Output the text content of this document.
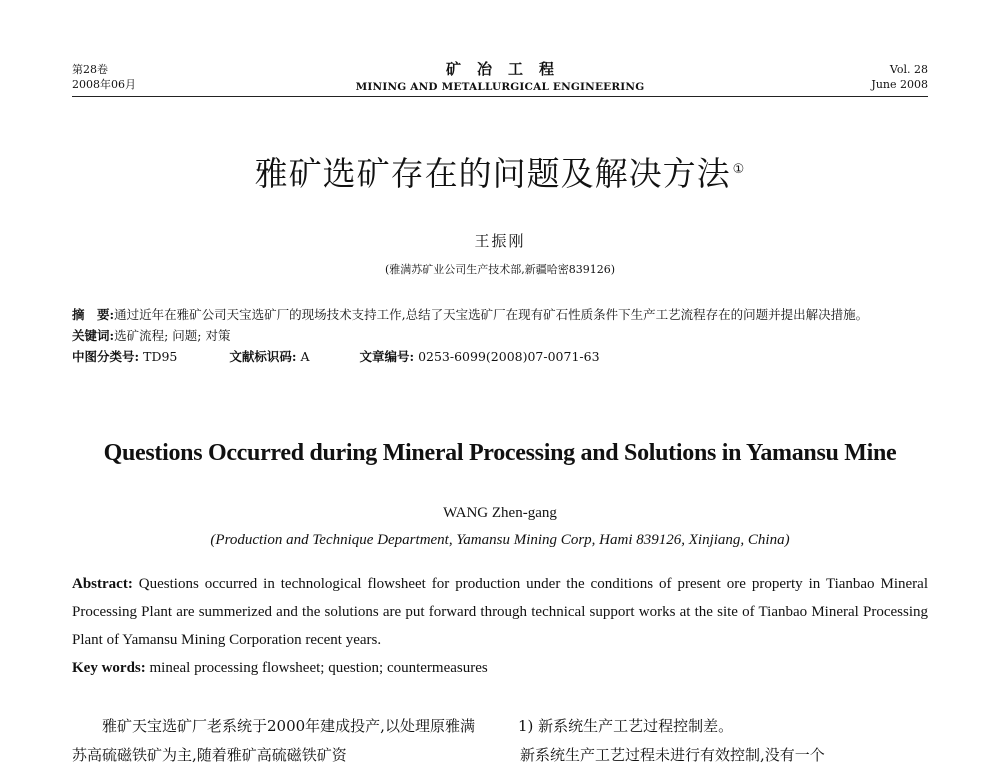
第28卷
2008年06月
矿冶工程
MINING AND METALLURGICAL ENGINEERING
Vol. 28
June 2008
雅矿选矿存在的问题及解决方法 ①
王振刚
(雅满苏矿业公司生产技术部,新疆哈密839126)
摘　要:通过近年在雅矿公司天宝选矿厂的现场技术支持工作,总结了天宝选矿厂在现有矿石性质条件下生产工艺流程存在的问题并提出解决措施。
关键词:选矿流程; 问题; 对策
中图分类号: TD95	文献标识码: A	文章编号: 0253-6099(2008)07-0071-63
Questions Occurred during Mineral Processing and Solutions in Yamansu Mine
WANG Zhen-gang
(Production and Technique Department, Yamansu Mining Corp, Hami 839126, Xinjiang, China)
Abstract: Questions occurred in technological flowsheet for production under the conditions of present ore property in Tianbao Mineral Processing Plant are summerized and the solutions are put forward through technical support works at the site of Tianbao Mineral Processing Plant of Yamansu Mining Corporation recent years.
Key words: mineal processing flowsheet; question; countermeasures
雅矿天宝选矿厂老系统于2000年建成投产,以处理原雅满苏高硫磁铁矿为主,随着雅矿高硫磁铁矿资
1) 新系统生产工艺过程控制差。
新系统生产工艺过程未进行有效控制,没有一个
